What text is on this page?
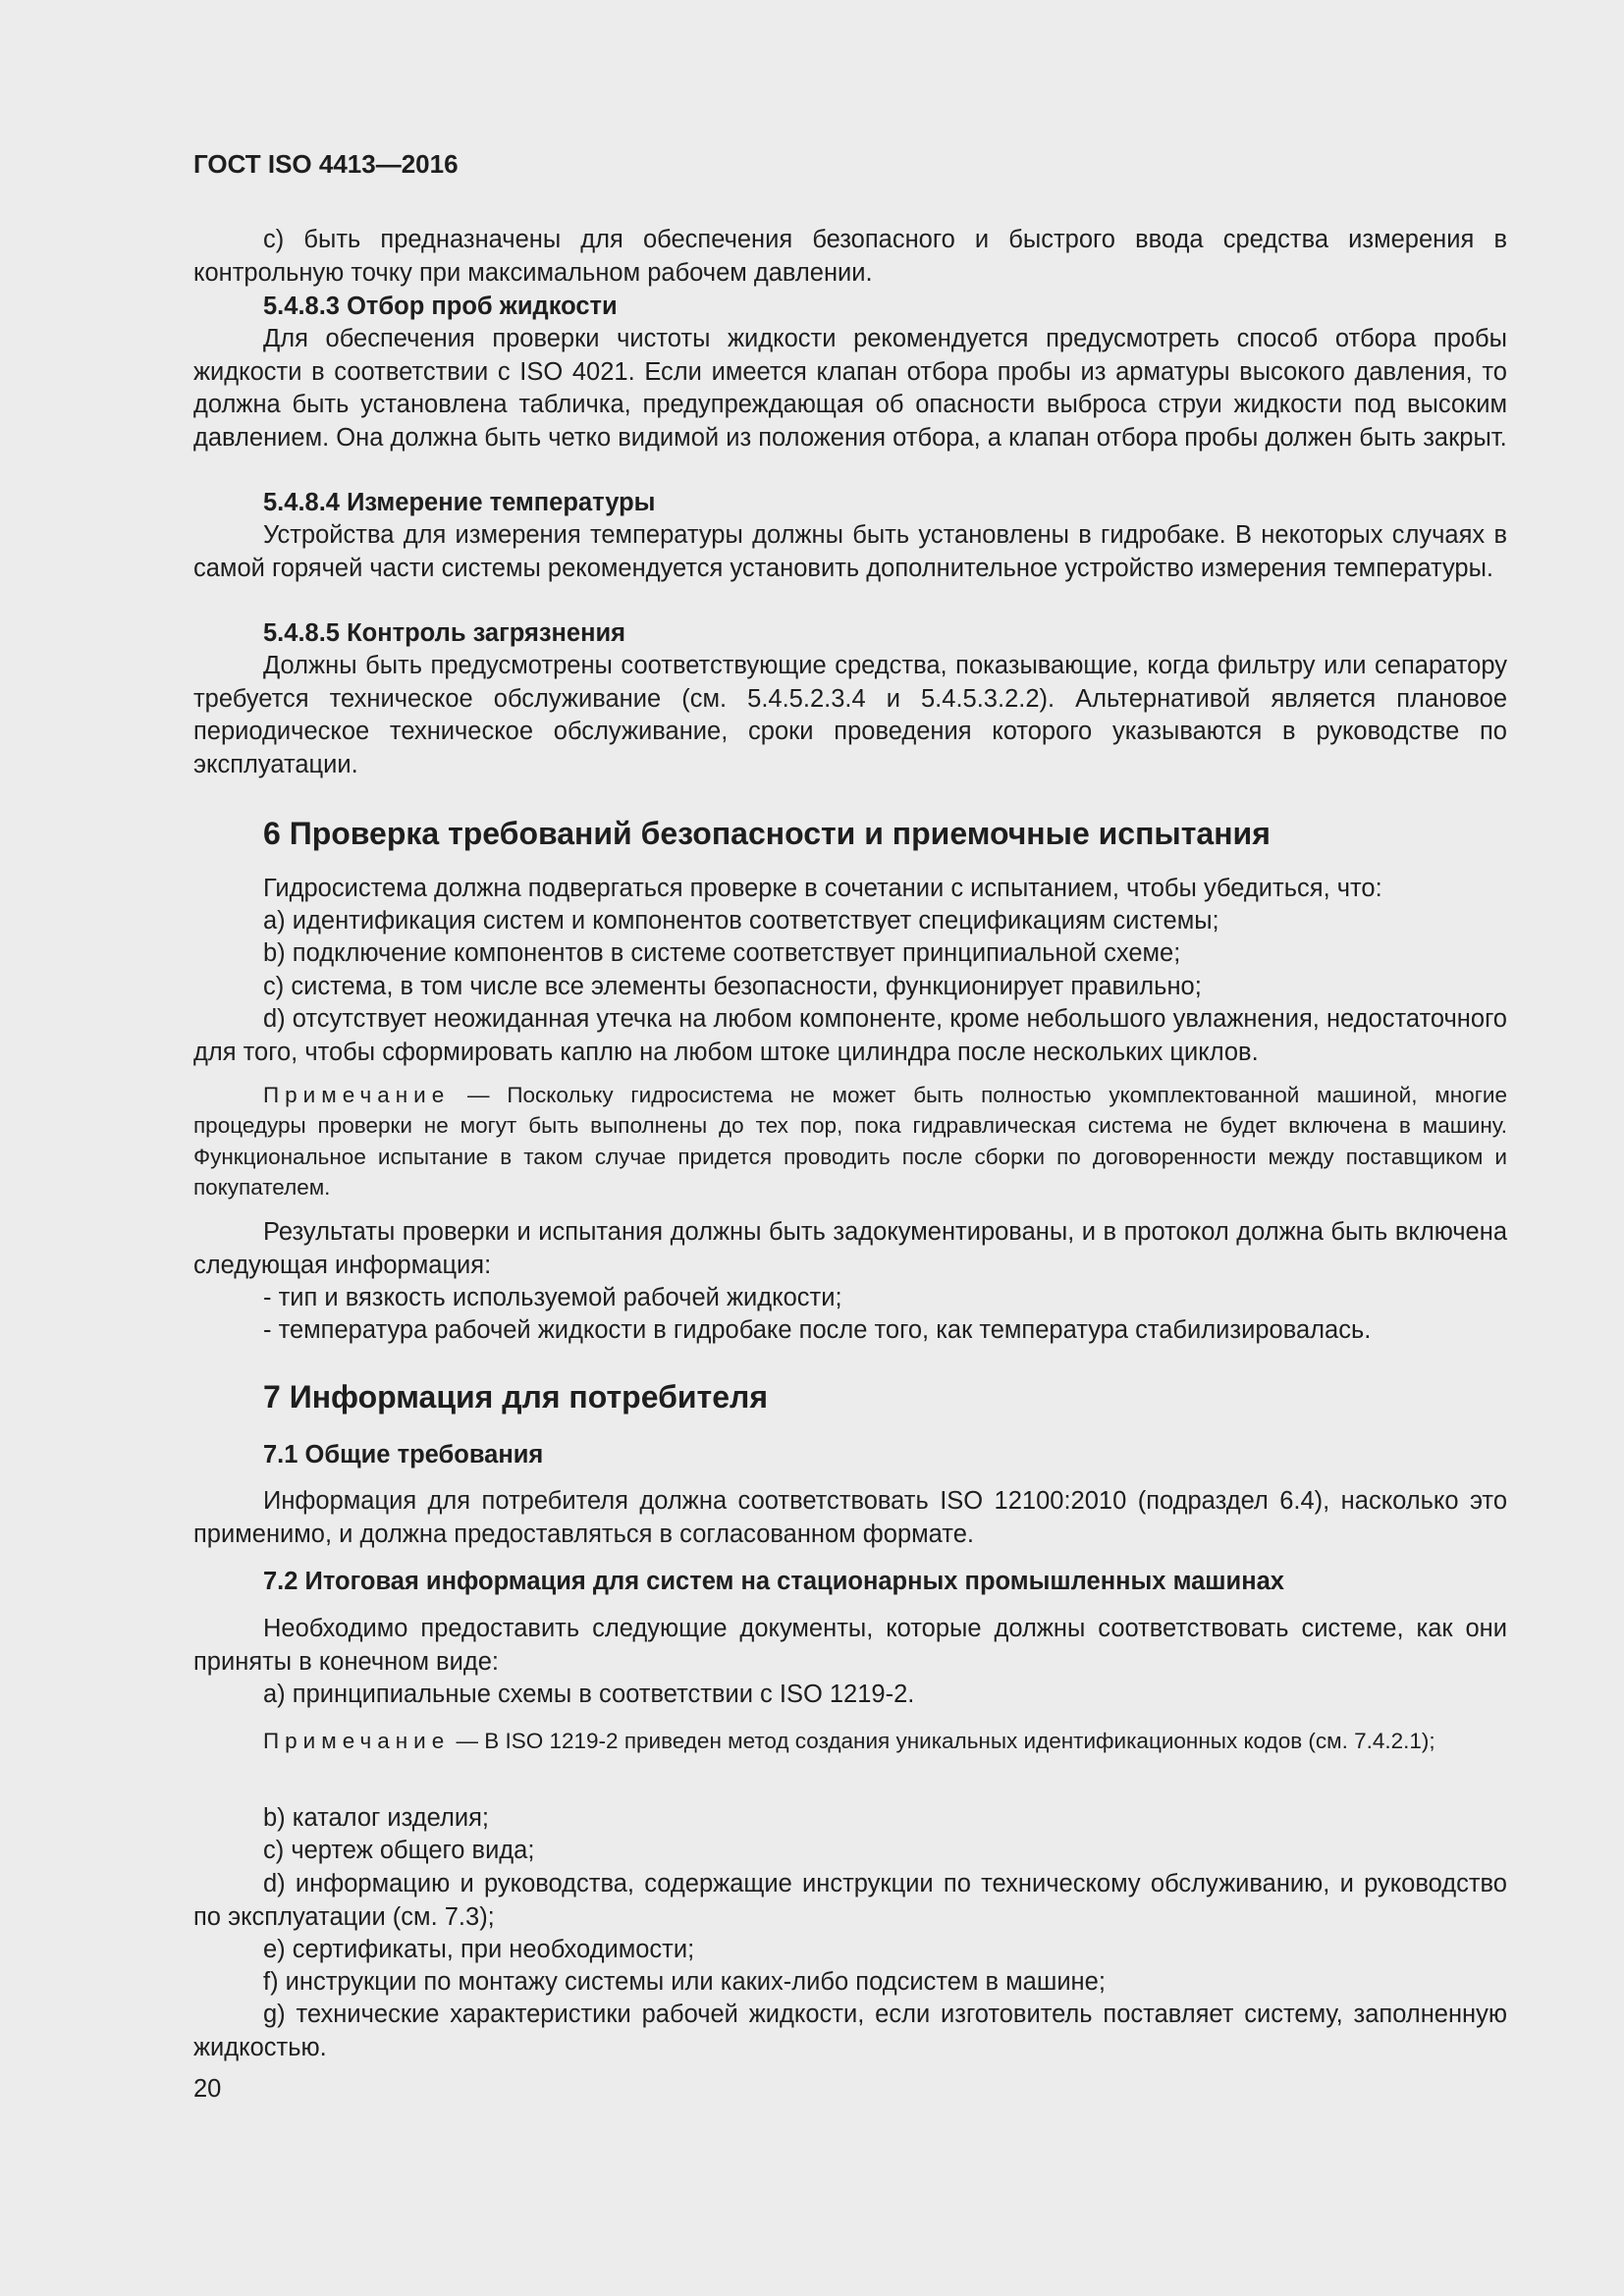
ГОСТ ISO 4413—2016

c) быть предназначены для обеспечения безопасного и быстрого ввода средства измерения в контрольную точку при максимальном рабочем давлении.

5.4.8.3 Отбор проб жидкости

Для обеспечения проверки чистоты жидкости рекомендуется предусмотреть способ отбора пробы жидкости в соответствии с ISO 4021. Если имеется клапан отбора пробы из арматуры высокого давления, то должна быть установлена табличка, предупреждающая об опасности выброса струи жидкости под высоким давлением. Она должна быть четко видимой из положения отбора, а клапан отбора пробы должен быть закрыт.

5.4.8.4 Измерение температуры

Устройства для измерения температуры должны быть установлены в гидробаке. В некоторых случаях в самой горячей части системы рекомендуется установить дополнительное устройство измерения температуры.

5.4.8.5 Контроль загрязнения

Должны быть предусмотрены соответствующие средства, показывающие, когда фильтру или сепаратору требуется техническое обслуживание (см. 5.4.5.2.3.4 и 5.4.5.3.2.2). Альтернативой является плановое периодическое техническое обслуживание, сроки проведения которого указываются в руководстве по эксплуатации.

6 Проверка требований безопасности и приемочные испытания

Гидросистема должна подвергаться проверке в сочетании с испытанием, чтобы убедиться, что:

a) идентификация систем и компонентов соответствует спецификациям системы;

b) подключение компонентов в системе соответствует принципиальной схеме;

c) система, в том числе все элементы безопасности, функционирует правильно;

d) отсутствует неожиданная утечка на любом компоненте, кроме небольшого увлажнения, недостаточного для того, чтобы сформировать каплю на любом штоке цилиндра после нескольких циклов.

Примечание — Поскольку гидросистема не может быть полностью укомплектованной машиной, многие процедуры проверки не могут быть выполнены до тех пор, пока гидравлическая система не будет включена в машину. Функциональное испытание в таком случае придется проводить после сборки по договоренности между поставщиком и покупателем.

Результаты проверки и испытания должны быть задокументированы, и в протокол должна быть включена следующая информация:

- тип и вязкость используемой рабочей жидкости;

- температура рабочей жидкости в гидробаке после того, как температура стабилизировалась.

7 Информация для потребителя
7.1 Общие требования

Информация для потребителя должна соответствовать ISO 12100:2010 (подраздел 6.4), насколько это применимо, и должна предоставляться в согласованном формате.

7.2 Итоговая информация для систем на стационарных промышленных машинах

Необходимо предоставить следующие документы, которые должны соответствовать системе, как они приняты в конечном виде:

a) принципиальные схемы в соответствии с ISO 1219-2.

Примечание — В ISO 1219-2 приведен метод создания уникальных идентификационных кодов (см. 7.4.2.1);

b) каталог изделия;

c) чертеж общего вида;

d) информацию и руководства, содержащие инструкции по техническому обслуживанию, и руководство по эксплуатации (см. 7.3);

e) сертификаты, при необходимости;

f) инструкции по монтажу системы или каких-либо подсистем в машине;

g) технические характеристики рабочей жидкости, если изготовитель поставляет систему, заполненную жидкостью.

20
